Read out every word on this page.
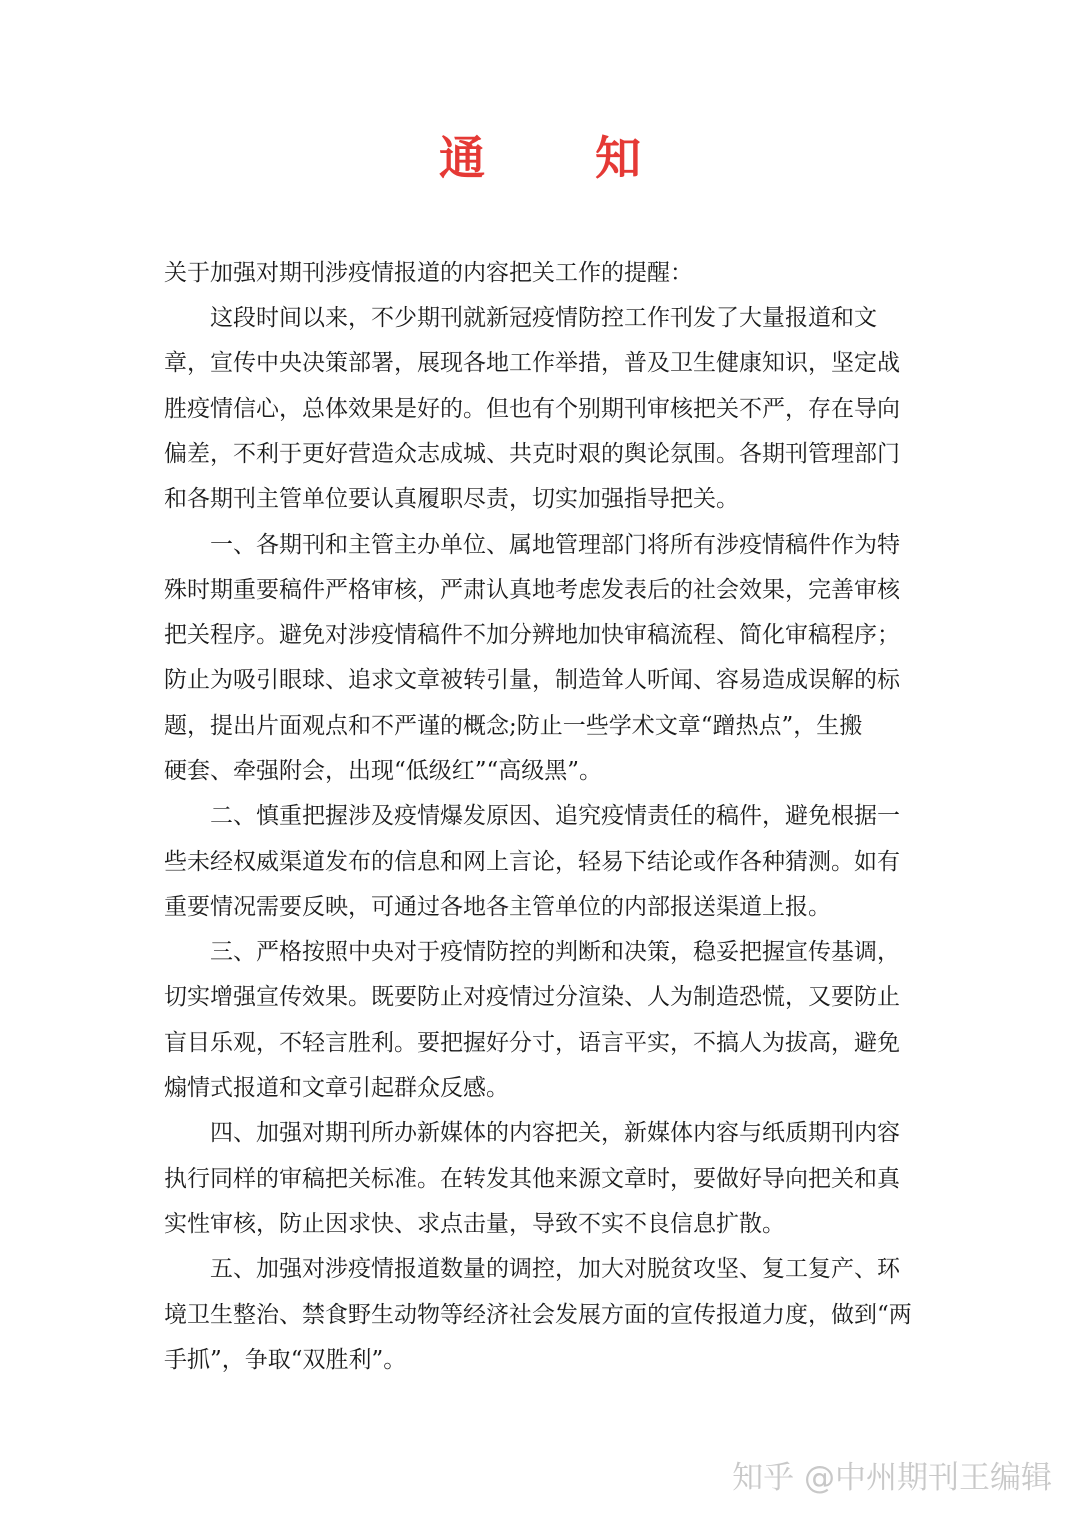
通 知
关于加强对期刊涉疫情报道的内容把关工作的提醒：
这段时间以来，不少期刊就新冠疫情防控工作刊发了大量报道和文
章，宣传中央决策部署，展现各地工作举措，普及卫生健康知识，坚定战
胜疫情信心，总体效果是好的。但也有个别期刊审核把关不严，存在导向
偏差，不利于更好营造众志成城、共克时艰的舆论氛围。各期刊管理部门
和各期刊主管单位要认真履职尽责，切实加强指导把关。
一、各期刊和主管主办单位、属地管理部门将所有涉疫情稿件作为特
殊时期重要稿件严格审核，严肃认真地考虑发表后的社会效果，完善审核
把关程序。避免对涉疫情稿件不加分辨地加快审稿流程、简化审稿程序；
防止为吸引眼球、追求文章被转引量，制造耸人听闻、容易造成误解的标
题，提出片面观点和不严谨的概念;防止一些学术文章“蹭热点”，生搬
硬套、牵强附会，出现“低级红”“高级黑”。
二、慎重把握涉及疫情爆发原因、追究疫情责任的稿件，避免根据一
些未经权威渠道发布的信息和网上言论，轻易下结论或作各种猜测。如有
重要情况需要反映，可通过各地各主管单位的内部报送渠道上报。
三、严格按照中央对于疫情防控的判断和决策，稳妥把握宣传基调，
切实增强宣传效果。既要防止对疫情过分渲染、人为制造恐慌，又要防止
盲目乐观，不轻言胜利。要把握好分寸，语言平实，不搞人为拔高，避免
煽情式报道和文章引起群众反感。
四、加强对期刊所办新媒体的内容把关，新媒体内容与纸质期刊内容
执行同样的审稿把关标准。在转发其他来源文章时，要做好导向把关和真
实性审核，防止因求快、求点击量，导致不实不良信息扩散。
五、加强对涉疫情报道数量的调控，加大对脱贫攻坚、复工复产、环
境卫生整治、禁食野生动物等经济社会发展方面的宣传报道力度，做到“两
手抓”，争取“双胜利”。
知乎 @中州期刊王编辑
